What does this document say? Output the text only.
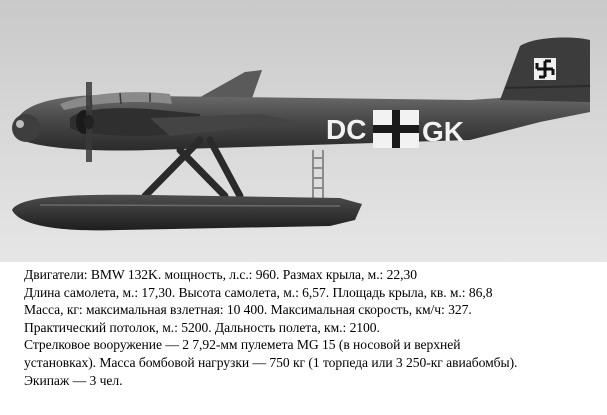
DC GK
Двигатели: BMW 132K. мощность, л.с.: 960. Размах крыла, м.: 22,30
Длина самолета, м.: 17,30. Высота самолета, м.: 6,57. Площадь крыла, кв. м.: 86,8
Масса, кг: максимальная взлетная: 10 400. Максимальная скорость, км/ч: 327.
Практический потолок, м.: 5200. Дальность полета, км.: 2100.
Стрелковое вооружение — 2 7,92-мм пулемета MG 15 (в носовой и верхней
установках). Масса бомбовой нагрузки — 750 кг (1 торпеда или 3 250-кг авиабомбы).
Экипаж — 3 чел.
